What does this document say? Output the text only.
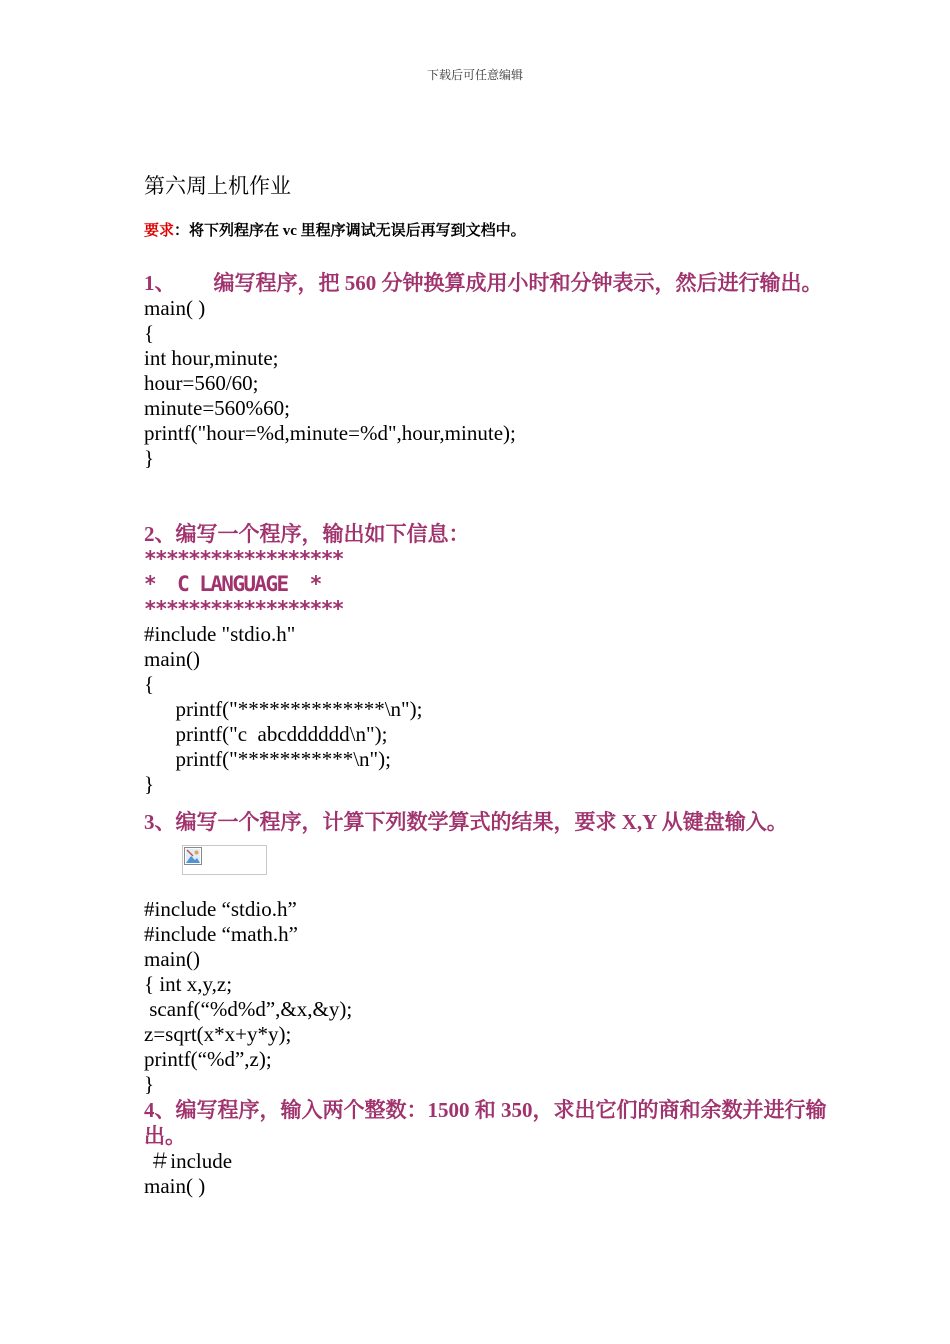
下载后可任意编辑

第六周上机作业

要求：将下列程序在 vc 里程序调试无误后再写到文档中。

1、 编写程序，把 560 分钟换算成用小时和分钟表示，然后进行输出。

main( )

{

int hour,minute;

hour=560/60;

minute=560%60;

printf("hour=%d,minute=%d",hour,minute);

}

2、编写一个程序，输出如下信息：

******************

*  C LANGUAGE  *

******************

#include "stdio.h"

main()

{

printf("**************\n");

printf("c  abcdddddd\n");

printf("***********\n");

}

3、编写一个程序，计算下列数学算式的结果，要求 X,Y 从键盘输入。

#include “stdio.h”

#include “math.h”

main()

{ int x,y,z;

scanf(“%d%d”,&x,&y);

z=sqrt(x*x+y*y);

printf(“%d”,z);

}

4、编写程序，输入两个整数：1500 和 350，求出它们的商和余数并进行输出。

＃include

main( )
